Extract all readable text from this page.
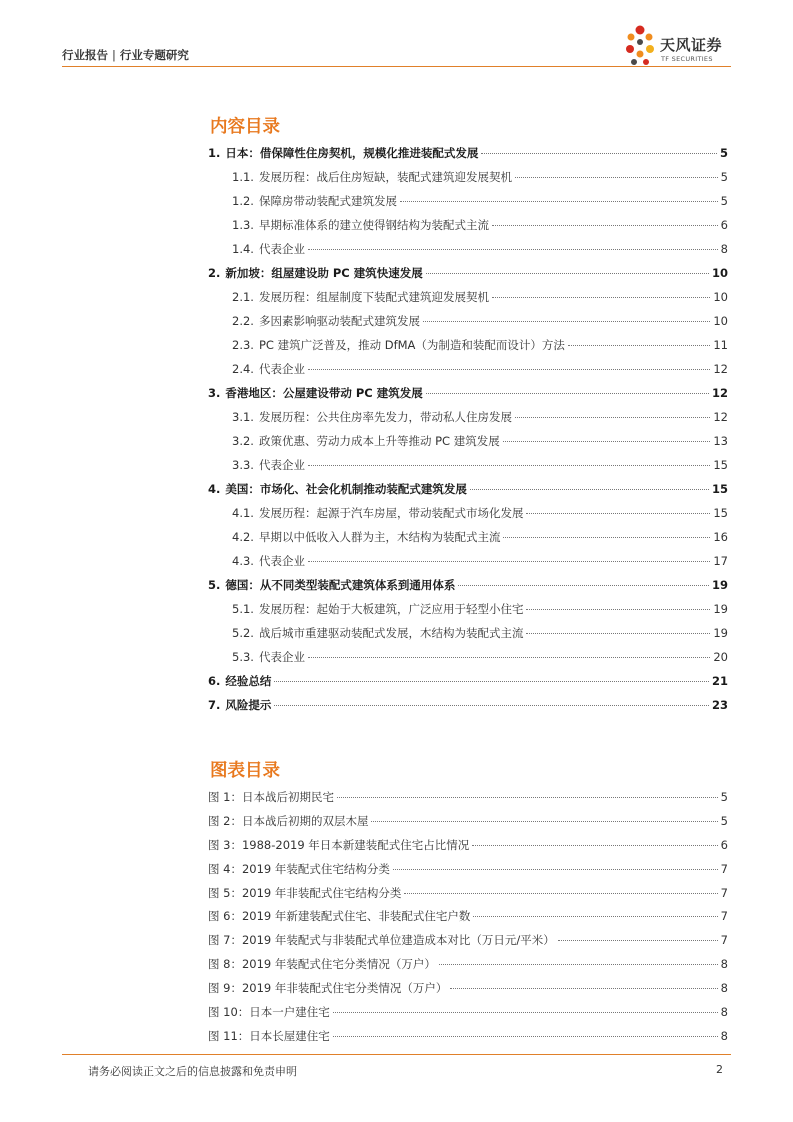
行业报告 | 行业专题研究
天风证券
TF SECURITIES
内容目录
1. 日本：借保障性住房契机，规模化推进装配式发展	5
1.1. 发展历程：战后住房短缺，装配式建筑迎发展契机	5
1.2. 保障房带动装配式建筑发展	5
1.3. 早期标准体系的建立使得钢结构为装配式主流	6
1.4. 代表企业	8
2. 新加坡：组屋建设助 PC 建筑快速发展	10
2.1. 发展历程：组屋制度下装配式建筑迎发展契机	10
2.2. 多因素影响驱动装配式建筑发展	10
2.3. PC 建筑广泛普及，推动 DfMA（为制造和装配而设计）方法	11
2.4. 代表企业	12
3. 香港地区：公屋建设带动 PC 建筑发展	12
3.1. 发展历程：公共住房率先发力，带动私人住房发展	12
3.2. 政策优惠、劳动力成本上升等推动 PC 建筑发展	13
3.3. 代表企业	15
4. 美国：市场化、社会化机制推动装配式建筑发展	15
4.1. 发展历程：起源于汽车房屋，带动装配式市场化发展	15
4.2. 早期以中低收入人群为主，木结构为装配式主流	16
4.3. 代表企业	17
5. 德国：从不同类型装配式建筑体系到通用体系	19
5.1. 发展历程：起始于大板建筑，广泛应用于轻型小住宅	19
5.2. 战后城市重建驱动装配式发展，木结构为装配式主流	19
5.3. 代表企业	20
6. 经验总结	21
7. 风险提示	23
图表目录
图 1：日本战后初期民宅	5
图 2：日本战后初期的双层木屋	5
图 3：1988-2019 年日本新建装配式住宅占比情况	6
图 4：2019 年装配式住宅结构分类	7
图 5：2019 年非装配式住宅结构分类	7
图 6：2019 年新建装配式住宅、非装配式住宅户数	7
图 7：2019 年装配式与非装配式单位建造成本对比（万日元/平米）	7
图 8：2019 年装配式住宅分类情况（万户）	8
图 9：2019 年非装配式住宅分类情况（万户）	8
图 10：日本一户建住宅	8
图 11：日本长屋建住宅	8
请务必阅读正文之后的信息披露和免责申明	2
